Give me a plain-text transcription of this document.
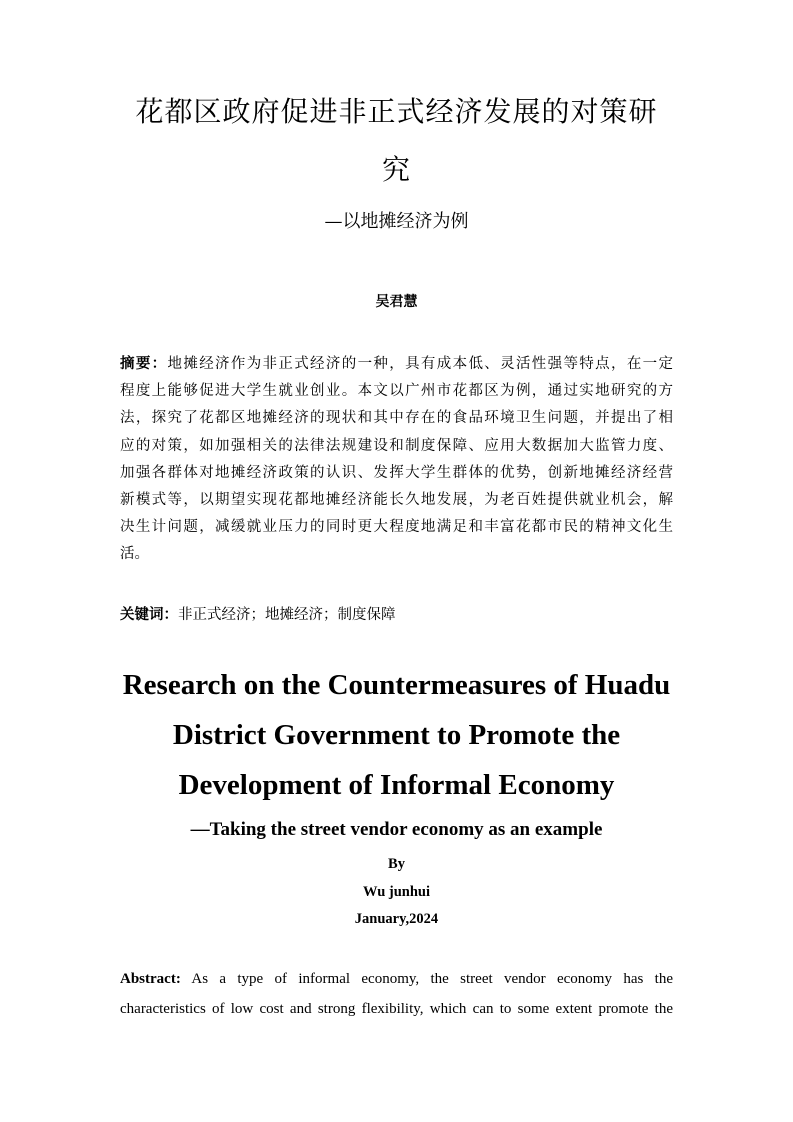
花都区政府促进非正式经济发展的对策研
究
—以地摊经济为例
吴君慧
摘要：地摊经济作为非正式经济的一种，具有成本低、灵活性强等特点，在一定
程度上能够促进大学生就业创业。本文以广州市花都区为例，通过实地研究的方
法，探究了花都区地摊经济的现状和其中存在的食品环境卫生问题，并提出了相
应的对策，如加强相关的法律法规建设和制度保障、应用大数据加大监管力度、
加强各群体对地摊经济政策的认识、发挥大学生群体的优势，创新地摊经济经营
新模式等，以期望实现花都地摊经济能长久地发展，为老百姓提供就业机会，解
决生计问题，减缓就业压力的同时更大程度地满足和丰富花都市民的精神文化生
活。
关键词：非正式经济；地摊经济；制度保障
Research on the Countermeasures of Huadu
District Government to Promote the
Development of Informal Economy
—Taking the street vendor economy as an example
By
Wu junhui
January,2024
Abstract: As a type of informal economy, the street vendor economy has the
characteristics of low cost and strong flexibility, which can to some extent promote the
